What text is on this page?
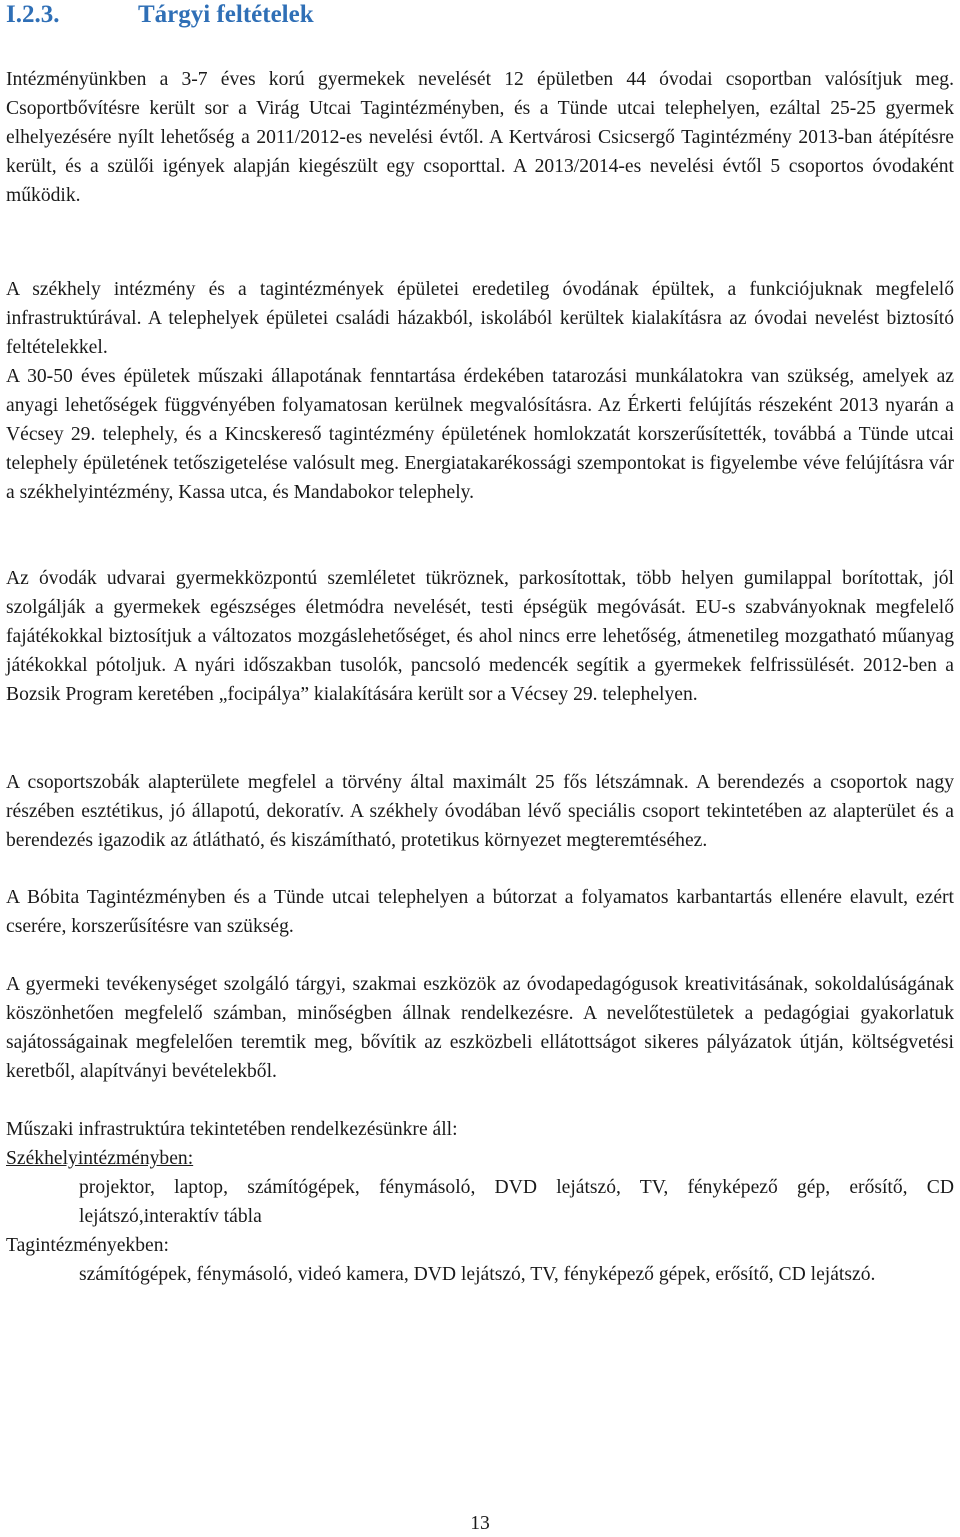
I.2.3.	Tárgyi feltételek

Intézményünkben a 3-7 éves korú gyermekek nevelését 12 épületben 44 óvodai csoportban valósítjuk meg. Csoportbővítésre került sor a Virág Utcai Tagintézményben, és a Tünde utcai telephelyen, ezáltal 25-25 gyermek elhelyezésére nyílt lehetőség a 2011/2012-es nevelési évtől. A Kertvárosi Csicsergő Tagintézmény 2013-ban átépítésre került, és a szülői igények alapján kiegészült egy csoporttal. A 2013/2014-es nevelési évtől 5 csoportos óvodaként működik.

A székhely intézmény és a tagintézmények épületei eredetileg óvodának épültek, a funkciójuknak megfelelő infrastruktúrával. A telephelyek épületei családi házakból, iskolából kerültek kialakításra az óvodai nevelést biztosító feltételekkel.

A 30-50 éves épületek műszaki állapotának fenntartása érdekében tatarozási munkálatokra van szükség, amelyek az anyagi lehetőségek függvényében folyamatosan kerülnek megvalósításra. Az Érkerti felújítás részeként 2013 nyarán a Vécsey 29. telephely, és a Kincskereső tagintézmény épületének homlokzatát korszerűsítették, továbbá a Tünde utcai telephely épületének tetőszigetelése valósult meg. Energiatakarékossági szempontokat is figyelembe véve felújításra vár a székhelyintézmény, Kassa utca, és Mandabokor telephely.

Az óvodák udvarai gyermekközpontú szemléletet tükröznek, parkosítottak, több helyen gumilappal borítottak, jól szolgálják a gyermekek egészséges életmódra nevelését, testi épségük megóvását. EU-s szabványoknak megfelelő fajátékokkal biztosítjuk a változatos mozgáslehetőséget, és ahol nincs erre lehetőség, átmenetileg mozgatható műanyag játékokkal pótoljuk. A nyári időszakban tusolók, pancsoló medencék segítik a gyermekek felfrissülését. 2012-ben a Bozsik Program keretében „focipálya” kialakítására került sor a Vécsey 29. telephelyen.

A csoportszobák alapterülete megfelel a törvény által maximált 25 fős létszámnak. A berendezés a csoportok nagy részében esztétikus, jó állapotú, dekoratív. A székhely óvodában lévő speciális csoport tekintetében az alapterület és a berendezés igazodik az átlátható, és kiszámítható, protetikus környezet megteremtéséhez.

A Bóbita Tagintézményben és a Tünde utcai telephelyen a bútorzat a folyamatos karbantartás ellenére elavult, ezért cserére, korszerűsítésre van szükség.

A gyermeki tevékenységet szolgáló tárgyi, szakmai eszközök az óvodapedagógusok kreativitásának, sokoldalúságának köszönhetően megfelelő számban, minőségben állnak rendelkezésre. A nevelőtestületek a pedagógiai gyakorlatuk sajátosságainak megfelelően teremtik meg, bővítik az eszközbeli ellátottságot sikeres pályázatok útján, költségvetési keretből, alapítványi bevételekből.

Műszaki infrastruktúra tekintetében rendelkezésünkre áll:

Székhelyintézményben:

projektor, laptop, számítógépek, fénymásoló, DVD lejátszó, TV, fényképező gép, erősítő, CD lejátszó,interaktív tábla

Tagintézményekben:

számítógépek, fénymásoló, videó kamera, DVD lejátszó, TV, fényképező gépek, erősítő, CD lejátszó.

13
